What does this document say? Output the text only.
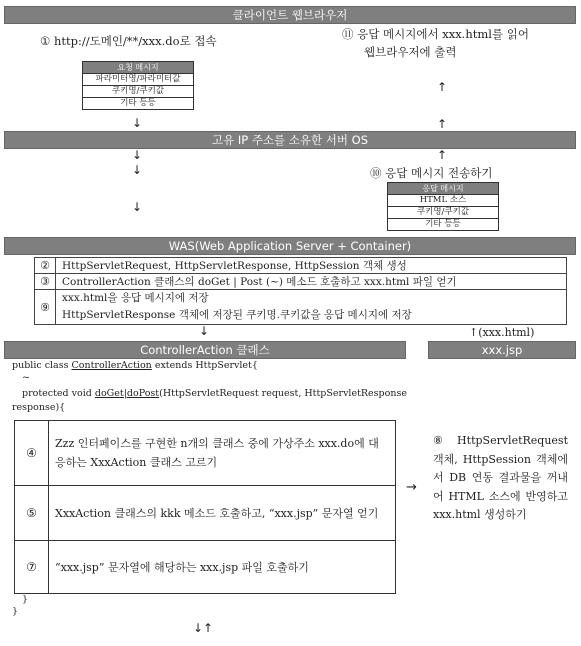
클라이언트 웹브라우저
① http://도메인/**/xxx.do로 접속	⑪ 응답 메시지에서 xxx.html를 읽어
웹브라우저에 출력
요청 메시지
파라미터명/파라미터값
쿠키명/쿠키값
기타 등등
↓
↑
↑
고유 IP 주소를 소유한 서버 OS
↓
↓
↓
↑
⑩ 응답 메시지 전송하기
응답 메시지
HTML 소스
쿠키명/쿠키값
기타 등등
WAS(Web Application Server + Container)
②	HttpServletRequest, HttpServletResponse, HttpSession 객체 생성
③	ControllerAction 클래스의 doGet | Post (~) 메소드 호출하고 xxx.html 파일 얻기
⑨	xxx.html을 응답 메시지에 저장
HttpServletResponse 객체에 저장된 쿠키명.쿠키값을 응답 메시지에 저장
↓	↑(xxx.html)
ControllerAction 클래스	xxx.jsp
public class ControllerAction extends HttpServlet{
~
protected void doGet|doPost(HttpServletRequest request, HttpServletResponse
response){
④	Zzz 인터페이스를 구현한 n개의 클래스 중에 가상주소 xxx.do에 대응하는 XxxAction 클래스 고르기
⑤	XxxAction 클래스의 kkk 메소드 호출하고, “xxx.jsp” 문자열 얻기
⑦	“xxx.jsp” 문자열에 해당하는 xxx.jsp 파일 호출하기
→
⑧ HttpServletRequest 객체, HttpSession 객체에서 DB 연동 결과물을 꺼내어 HTML 소스에 반영하고 xxx.html 생성하기
}
}
↓↑
